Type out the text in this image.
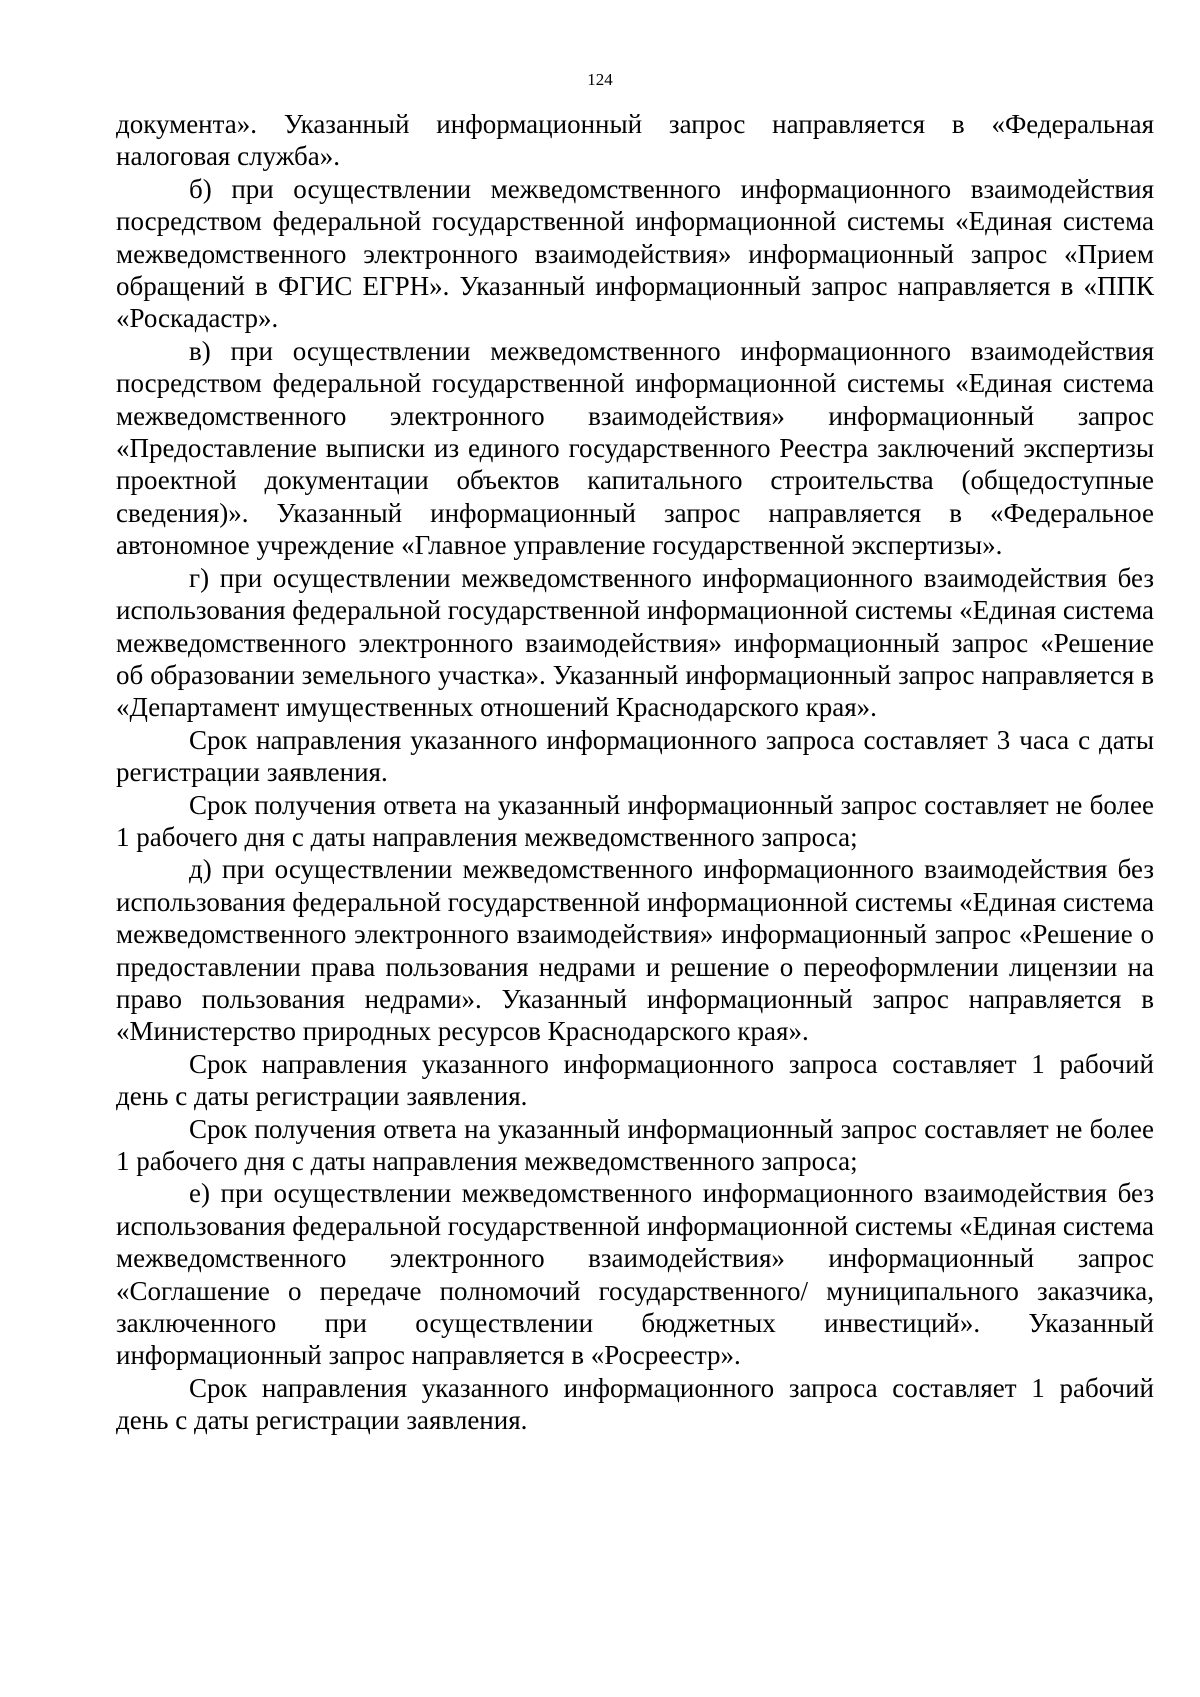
124

документа». Указанный информационный запрос направляется в «Федеральная налоговая служба».

б) при осуществлении межведомственного информационного взаимодействия посредством федеральной государственной информационной системы «Единая система межведомственного электронного взаимодействия» информационный запрос «Прием обращений в ФГИС ЕГРН». Указанный информационный запрос направляется в «ППК «Роскадастр».

в) при осуществлении межведомственного информационного взаимодействия посредством федеральной государственной информационной системы «Единая система межведомственного электронного взаимодействия» информационный запрос «Предоставление выписки из единого государственного Реестра заключений экспертизы проектной документации объектов капитального строительства (общедоступные сведения)». Указанный информационный запрос направляется в «Федеральное автономное учреждение «Главное управление государственной экспертизы».

г) при осуществлении межведомственного информационного взаимодействия без использования федеральной государственной информационной системы «Единая система межведомственного электронного взаимодействия» информационный запрос «Решение об образовании земельного участка». Указанный информационный запрос направляется в «Департамент имущественных отношений Краснодарского края».

Срок направления указанного информационного запроса составляет 3 часа с даты регистрации заявления.

Срок получения ответа на указанный информационный запрос составляет не более 1 рабочего дня с даты направления межведомственного запроса;

д) при осуществлении межведомственного информационного взаимодействия без использования федеральной государственной информационной системы «Единая система межведомственного электронного взаимодействия» информационный запрос «Решение о предоставлении права пользования недрами и решение о переоформлении лицензии на право пользования недрами». Указанный информационный запрос направляется в «Министерство природных ресурсов Краснодарского края».

Срок направления указанного информационного запроса составляет 1 рабочий день с даты регистрации заявления.

Срок получения ответа на указанный информационный запрос составляет не более 1 рабочего дня с даты направления межведомственного запроса;

е) при осуществлении межведомственного информационного взаимодействия без использования федеральной государственной информационной системы «Единая система межведомственного электронного взаимодействия» информационный запрос «Соглашение о передаче полномочий государственного/ муниципального заказчика, заключенного при осуществлении бюджетных инвестиций». Указанный информационный запрос направляется в «Росреестр».

Срок направления указанного информационного запроса составляет 1 рабочий день с даты регистрации заявления.
